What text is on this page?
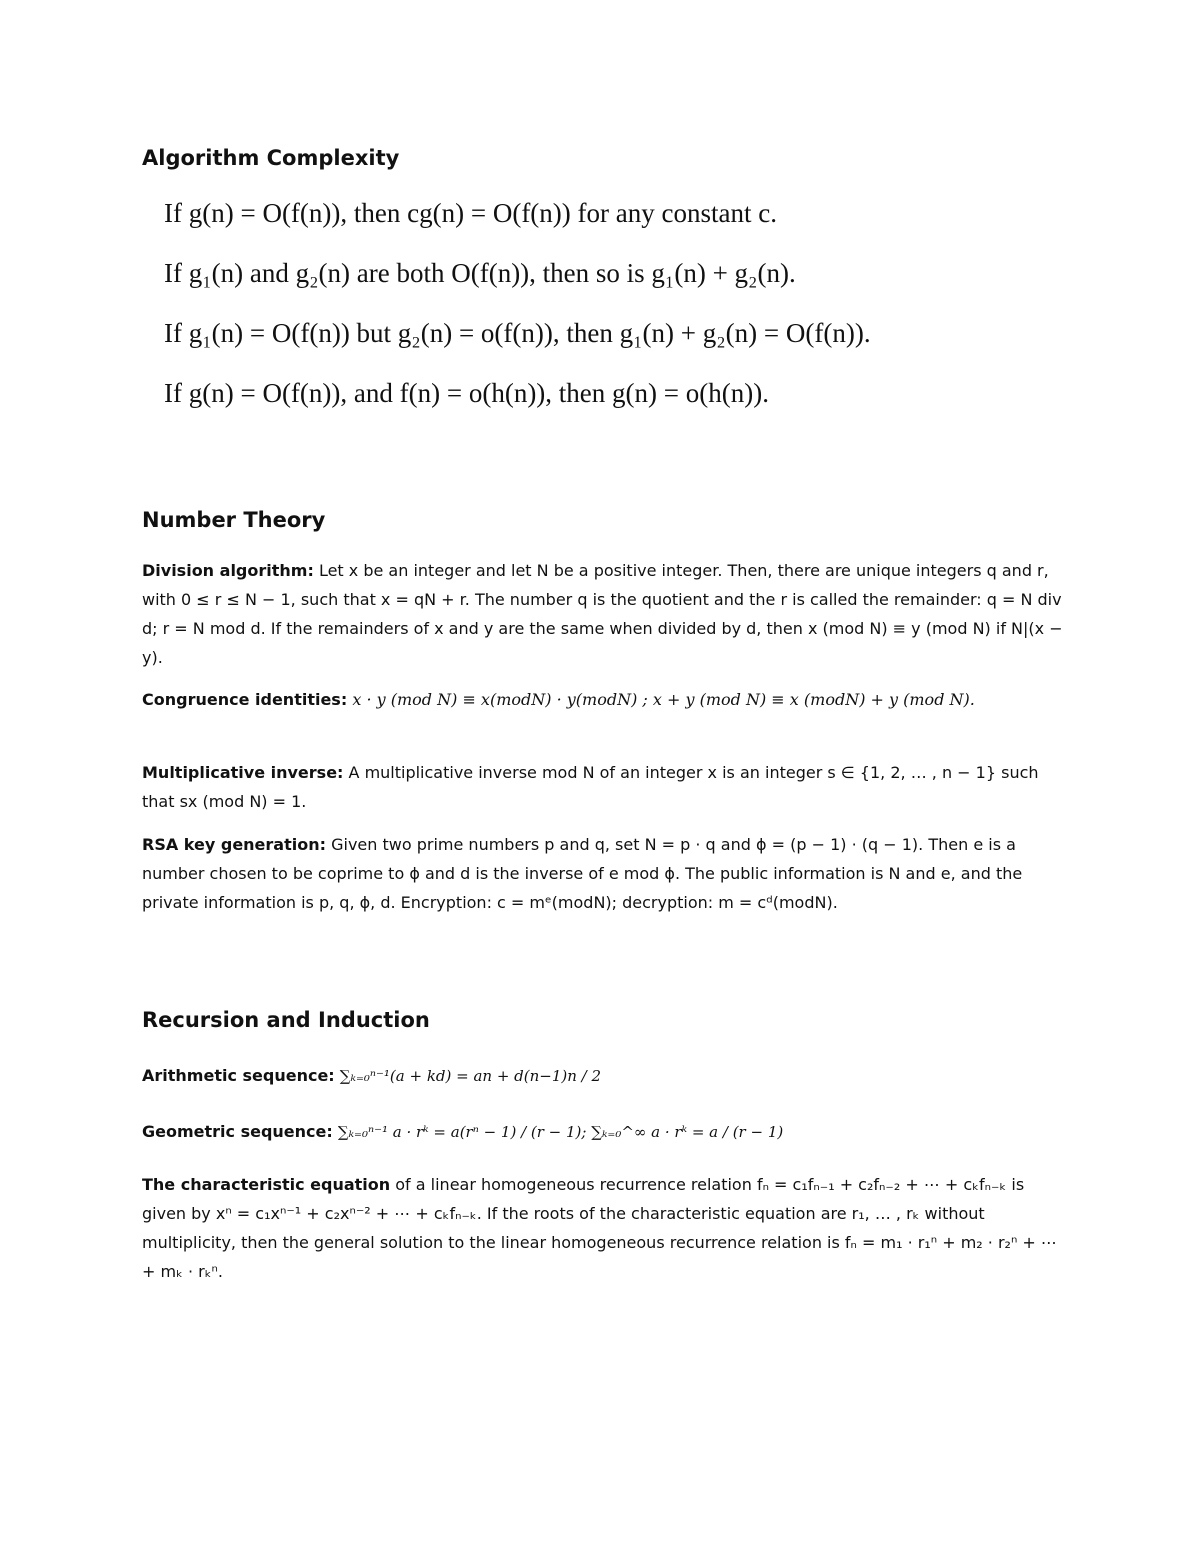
Algorithm Complexity

If g(n) = O(f(n)), then cg(n) = O(f(n)) for any constant c.

If g₁(n) and g₂(n) are both O(f(n)), then so is g₁(n) + g₂(n).

If g₁(n) = O(f(n)) but g₂(n) = o(f(n)), then g₁(n) + g₂(n) = O(f(n)).

If g(n) = O(f(n)), and f(n) = o(h(n)), then g(n) = o(h(n)).

Number Theory

Division algorithm: Let x be an integer and let N be a positive integer. Then, there are unique integers q and r, with 0 ≤ r ≤ N − 1, such that x = qN + r. The number q is the quotient and the r is called the remainder: q = N div d; r = N mod d. If the remainders of x and y are the same when divided by d, then x (mod N) ≡ y (mod N) if N|(x − y).

Congruence identities: x · y (mod N) ≡ x(modN) · y(modN) ; x + y (mod N) ≡ x (modN) + y (mod N).

Multiplicative inverse: A multiplicative inverse mod N of an integer x is an integer s ∈ {1, 2, … , n − 1} such that sx (mod N) = 1.

RSA key generation: Given two prime numbers p and q, set N = p · q and ϕ = (p − 1) · (q − 1). Then e is a number chosen to be coprime to ϕ and d is the inverse of e mod ϕ. The public information is N and e, and the private information is p, q, ϕ, d. Encryption: c = mᵉ(modN); decryption: m = cᵈ(modN).

Recursion and Induction

Arithmetic sequence: ∑ₖ₌₀ⁿ⁻¹(a + kd) = an + d(n−1)n / 2

Geometric sequence: ∑ₖ₌₀ⁿ⁻¹ a · rᵏ = a(rⁿ − 1) / (r − 1); ∑ₖ₌₀^∞ a · rᵏ = a / (r − 1)

The characteristic equation of a linear homogeneous recurrence relation fₙ = c₁fₙ₋₁ + c₂fₙ₋₂ + ⋯ + cₖfₙ₋ₖ is given by xⁿ = c₁xⁿ⁻¹ + c₂xⁿ⁻² + ⋯ + cₖfₙ₋ₖ. If the roots of the characteristic equation are r₁, … , rₖ without multiplicity, then the general solution to the linear homogeneous recurrence relation is fₙ = m₁ · r₁ⁿ + m₂ · r₂ⁿ + ⋯ + mₖ · rₖⁿ.
